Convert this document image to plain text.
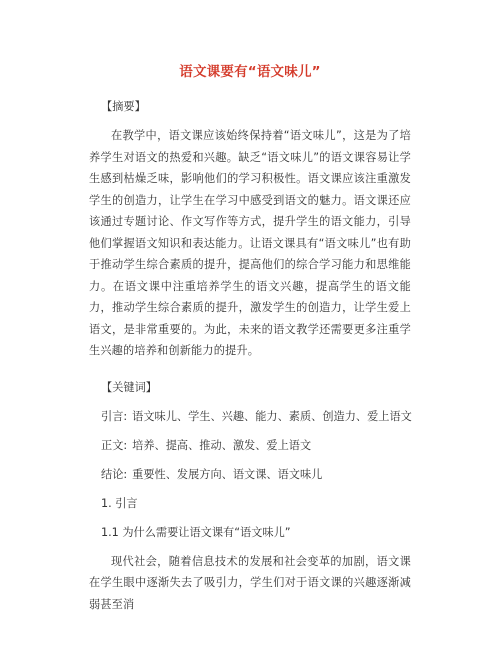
语文课要有“语文味儿”
【摘要】
在教学中，语文课应该始终保持着“语文味儿”，这是为了培养学生对语文的热爱和兴趣。缺乏“语文味儿”的语文课容易让学生感到枯燥乏味，影响他们的学习积极性。语文课应该注重激发学生的创造力，让学生在学习中感受到语文的魅力。语文课还应该通过专题讨论、作文写作等方式，提升学生的语文能力，引导他们掌握语文知识和表达能力。让语文课具有“语文味儿”也有助于推动学生综合素质的提升，提高他们的综合学习能力和思维能力。在语文课中注重培养学生的语文兴趣，提高学生的语文能力，推动学生综合素质的提升，激发学生的创造力，让学生爱上语文，是非常重要的。为此，未来的语文教学还需要更多注重学生兴趣的培养和创新能力的提升。
【关键词】
引言: 语文味儿、学生、兴趣、能力、素质、创造力、爱上语文
正文: 培养、提高、推动、激发、爱上语文
结论: 重要性、发展方向、语文课、语文味儿
1. 引言
1.1 为什么需要让语文课有“语文味儿”
现代社会，随着信息技术的发展和社会变革的加剧，语文课在学生眼中逐渐失去了吸引力，学生们对于语文课的兴趣逐渐减弱甚至消
